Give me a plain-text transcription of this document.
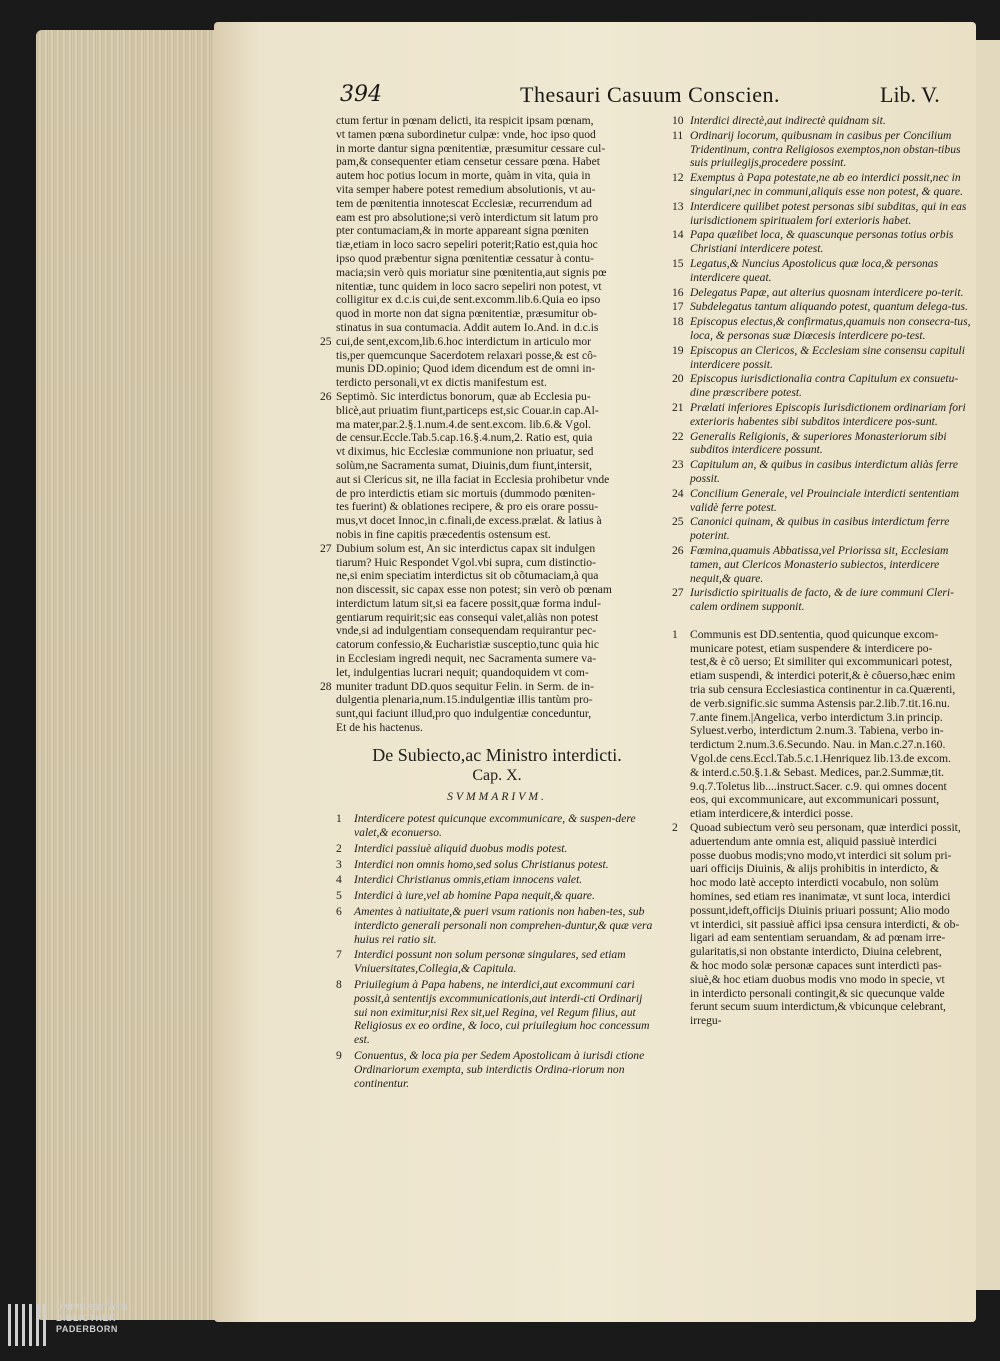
394	Thesauri Casuum Conscien.	Lib. V.
ctum fertur in pœnam delicti, ita respicit ipsam pœnam,
vt tamen pœna subordinetur culpæ: vnde, hoc ipso quod
in morte dantur signa pœnitentiæ, præsumitur cessare cul-
pam,& consequenter etiam censetur cessare pœna. Habet
autem hoc potius locum in morte, quàm in vita, quia in
vita semper habere potest remedium absolutionis, vt au-
tem de pœnitentia innotescat Ecclesiæ, recurrendum ad
eam est pro absolutione;si verò interdictum sit latum pro
pter contumaciam,& in morte appareant signa pœniten
tiæ,etiam in loco sacro sepeliri poterit;Ratio est,quia hoc
ipso quod præbentur signa pœnitentiæ cessatur à contu-
macia;sin verò quis moriatur sine pœnitentia,aut signis pœ
nitentiæ, tunc quidem in loco sacro sepeliri non potest, vt
colligitur ex d.c.is cui,de sent.excomm.lib.6.Quia eo ipso
quod in morte non dat signa pœnitentiæ, præsumitur ob-
stinatus in sua contumacia. Addit autem Io.And. in d.c.is
cui,de sent,excom,lib.6.hoc interdictum in articulo mor
tis,per quemcunque Sacerdotem relaxari posse,& est cô-
munis DD.opinio; Quod idem dicendum est de omni in-
terdicto personali,vt ex dictis manifestum est.
Septimò. Sic interdictus bonorum, quæ ab Ecclesia pu-
blicè,aut priuatim fiunt,particeps est,sic Couar.in cap.Al-
ma mater,par.2.§.1.num.4.de sent.excom. lib.6.& Vgol.
de censur.Eccle.Tab.5.cap.16.§.4.num,2. Ratio est, quia
vt diximus, hic Ecclesiæ communione non priuatur, sed
solùm,ne Sacramenta sumat, Diuinis,dum fiunt,intersit,
aut si Clericus sit, ne illa faciat in Ecclesia prohibetur vnde
de pro interdictis etiam sic mortuis (dummodo pœniten-
tes fuerint) & oblationes recipere, & pro eis orare possu-
mus,vt docet Innoc,in c.finali,de excess.prælat. & latius à
nobis in fine capitis præcedentis ostensum est.
Dubium solum est, An sic interdictus capax sit indulgen
tiarum? Huic Respondet Vgol.vbi supra, cum distinctio-
ne,si enim speciatim interdictus sit ob cõtumaciam,à qua
non discessit, sic capax esse non potest; sin verò ob pœnam
interdictum latum sit,si ea facere possit,quæ forma indul-
gentiarum requirit;sic eas consequi valet,aliàs non potest
vnde,si ad indulgentiam consequendam requirantur pec-
catorum confessio,& Eucharistiæ susceptio,tunc quia hic
in Ecclesiam ingredi nequit, nec Sacramenta sumere va-
let, indulgentias lucrari nequit; quandoquidem vt com-
muniter tradunt DD.quos sequitur Felin. in Serm. de in-
dulgentia plenaria,num.15.indulgentiæ illis tantùm pro-
sunt,qui faciunt illud,pro quo indulgentiæ conceduntur,
Et de his hactenus.
25
26
27
28
De Subiecto,ac Ministro interdicti.
Cap. X.
SVMMARIVM.
1 Interdicere potest quicunque excommunicare, & suspen-dere valet,& econuerso.
2 Interdici passiuè aliquid duobus modis potest.
3 Interdici non omnis homo,sed solus Christianus potest.
4 Interdici Christianus omnis,etiam innocens valet.
5 Interdici à iure,vel ab homine Papa nequit,& quare.
6 Amentes à natiuitate,& pueri vsum rationis non haben-tes, sub interdicto generali personali non comprehen-duntur,& quæ vera huius rei ratio sit.
7 Interdici possunt non solum personæ singulares, sed etiam Vniuersitates,Collegia,& Capitula.
8 Priuilegium à Papa habens, ne interdici,aut excommuni cari possit,à sententijs excommunicationis,aut interdi-cti Ordinarij sui non eximitur,nisi Rex sit,uel Regina, vel Regum filius, aut Religiosus ex eo ordine, & loco, cui priuilegium hoc concessum est.
9 Conuentus, & loca pia per Sedem Apostolicam à iurisdi ctione Ordinariorum exempta, sub interdictis Ordina-riorum non continentur.
10 Interdici directè,aut indirectè quidnam sit.
11 Ordinarij locorum, quibusnam in casibus per Concilium Tridentinum, contra Religiosos exemptos,non obstan-tibus suis priuilegijs,procedere possint.
12 Exemptus à Papa potestate,ne ab eo interdici possit,nec in singulari,nec in communi,aliquis esse non potest, & quare.
13 Interdicere quilibet potest personas sibi subditas, qui in eas iurisdictionem spiritualem fori exterioris habet.
14 Papa quælibet loca, & quascunque personas totius orbis Christiani interdicere potest.
15 Legatus,& Nuncius Apostolicus quæ loca,& personas interdicere queat.
16 Delegatus Papæ, aut alterius quosnam interdicere po-terit.
17 Subdelegatus tantum aliquando potest, quantum delega-tus.
18 Episcopus electus,& confirmatus,quamuis non consecra-tus, loca, & personas suæ Diœcesis interdicere po-test.
19 Episcopus an Clericos, & Ecclesiam sine consensu capituli interdicere possit.
20 Episcopus iurisdictionalia contra Capitulum ex consuetu-dine præscribere potest.
21 Prælati inferiores Episcopis Iurisdictionem ordinariam fori exterioris habentes sibi subditos interdicere pos-sunt.
22 Generalis Religionis, & superiores Monasteriorum sibi subditos interdicere possunt.
23 Capitulum an, & quibus in casibus interdictum aliàs ferre possit.
24 Concilium Generale, vel Prouinciale interdicti sententiam validè ferre potest.
25 Canonici quinam, & quibus in casibus interdictum ferre poterint.
26 Fœmina,quamuis Abbatissa,vel Priorissa sit, Ecclesiam tamen, aut Clericos Monasterio subiectos, interdicere nequit,& quare.
27 Iurisdictio spiritualis de facto, & de iure communi Cleri-calem ordinem supponit.
1
2
Communis est DD.sententia, quod quicunque excom-
municare potest, etiam suspendere & interdicere po-
test,& è cõ uerso; Et similiter qui excommunicari potest,
etiam suspendi, & interdici poterit,& è côuerso,hæc enim
tria sub censura Ecclesiastica continentur in ca.Quærenti,
de verb.signific.sic summa Astensis par.2.lib.7.tit.16.nu.
7.ante finem.|Angelica, verbo interdictum 3.in princip.
Syluest.verbo, interdictum 2.num.3. Tabiena, verbo in-
terdictum 2.num.3.6.Secundo. Nau. in Man.c.27.n.160.
Vgol.de cens.Eccl.Tab.5.c.1.Henriquez lib.13.de excom.
& interd.c.50.§.1.& Sebast. Medices, par.2.Summæ,tit.
9.q.7.Toletus lib....instruct.Sacer. c.9. qui omnes docent
eos, qui excommunicare, aut excommunicari possunt,
etiam interdicere,& interdici posse.
Quoad subiectum verò seu personam, quæ interdici possit,
aduertendum ante omnia est, aliquid passiuè interdici
posse duobus modis;vno modo,vt interdici sit solum pri-
uari officijs Diuinis, & alijs prohibitis in interdicto, &
hoc modo latè accepto interdicti vocabulo, non solùm
homines, sed etiam res inanimatæ, vt sunt loca, interdici
possunt,ideft,officijs Diuinis priuari possunt; Alio modo
vt interdici, sit passiuè affici ipsa censura interdicti, & ob-
ligari ad eam sententiam seruandam, & ad pœnam irre-
gularitatis,si non obstante interdicto, Diuina celebrent,
& hoc modo solæ personæ capaces sunt interdicti pas-
siuè,& hoc etiam duobus modis vno modo in specie, vt
in interdicto personali contingit,& sic quecunque valde
ferunt secum suum interdictum,& vbicunque celebrant,
irregu-
UNIVERSITÄTS-
BIBLIOTHEK
PADERBORN
